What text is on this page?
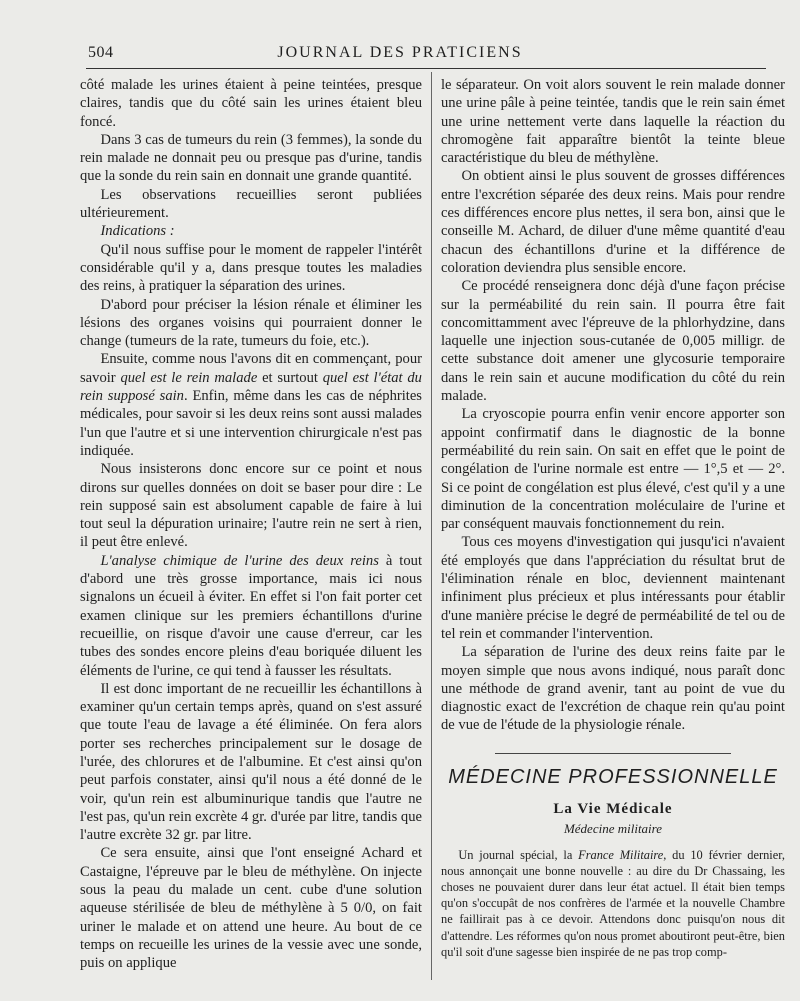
504	JOURNAL DES PRATICIENS

côté malade les urines étaient à peine teintées, presque claires, tandis que du côté sain les urines étaient bleu foncé.

Dans 3 cas de tumeurs du rein (3 femmes), la sonde du rein malade ne donnait peu ou presque pas d'urine, tandis que la sonde du rein sain en donnait une grande quantité.

Les observations recueillies seront publiées ultérieurement.

Indications :

Qu'il nous suffise pour le moment de rappeler l'intérêt considérable qu'il y a, dans presque toutes les maladies des reins, à pratiquer la séparation des urines.

D'abord pour préciser la lésion rénale et éliminer les lésions des organes voisins qui pourraient donner le change (tumeurs de la rate, tumeurs du foie, etc.).

Ensuite, comme nous l'avons dit en commençant, pour savoir quel est le rein malade et surtout quel est l'état du rein supposé sain. Enfin, même dans les cas de néphrites médicales, pour savoir si les deux reins sont aussi malades l'un que l'autre et si une intervention chirurgicale n'est pas indiquée.

Nous insisterons donc encore sur ce point et nous dirons sur quelles données on doit se baser pour dire : Le rein supposé sain est absolument capable de faire à lui tout seul la dépuration urinaire; l'autre rein ne sert à rien, il peut être enlevé.

L'analyse chimique de l'urine des deux reins à tout d'abord une très grosse importance, mais ici nous signalons un écueil à éviter. En effet si l'on fait porter cet examen clinique sur les premiers échantillons d'urine recueillie, on risque d'avoir une cause d'erreur, car les tubes des sondes encore pleins d'eau boriquée diluent les éléments de l'urine, ce qui tend à fausser les résultats.

Il est donc important de ne recueillir les échantillons à examiner qu'un certain temps après, quand on s'est assuré que toute l'eau de lavage a été éliminée. On fera alors porter ses recherches principalement sur le dosage de l'urée, des chlorures et de l'albumine. Et c'est ainsi qu'on peut parfois constater, ainsi qu'il nous a été donné de le voir, qu'un rein est albuminurique tandis que l'autre ne l'est pas, qu'un rein excrète 4 gr. d'urée par litre, tandis que l'autre excrète 32 gr. par litre.

Ce sera ensuite, ainsi que l'ont enseigné Achard et Castaigne, l'épreuve par le bleu de méthylène. On injecte sous la peau du malade un cent. cube d'une solution aqueuse stérilisée de bleu de méthylène à 5 0/0, on fait uriner le malade et on attend une heure. Au bout de ce temps on recueille les urines de la vessie avec une sonde, puis on applique

le séparateur. On voit alors souvent le rein malade donner une urine pâle à peine teintée, tandis que le rein sain émet une urine nettement verte dans laquelle la réaction du chromogène fait apparaître bientôt la teinte bleue caractéristique du bleu de méthylène.

On obtient ainsi le plus souvent de grosses différences entre l'excrétion séparée des deux reins. Mais pour rendre ces différences encore plus nettes, il sera bon, ainsi que le conseille M. Achard, de diluer d'une même quantité d'eau chacun des échantillons d'urine et la différence de coloration deviendra plus sensible encore.

Ce procédé renseignera donc déjà d'une façon précise sur la perméabilité du rein sain. Il pourra être fait concomittamment avec l'épreuve de la phlorhydzine, dans laquelle une injection sous-cutanée de 0,005 milligr. de cette substance doit amener une glycosurie temporaire dans le rein sain et aucune modification du côté du rein malade.

La cryoscopie pourra enfin venir encore apporter son appoint confirmatif dans le diagnostic de la bonne perméabilité du rein sain. On sait en effet que le point de congélation de l'urine normale est entre — 1°,5 et — 2°. Si ce point de congélation est plus élevé, c'est qu'il y a une diminution de la concentration moléculaire de l'urine et par conséquent mauvais fonctionnement du rein.

Tous ces moyens d'investigation qui jusqu'ici n'avaient été employés que dans l'appréciation du résultat brut de l'élimination rénale en bloc, deviennent maintenant infiniment plus précieux et plus intéressants pour établir d'une manière précise le degré de perméabilité de tel ou de tel rein et commander l'intervention.

La séparation de l'urine des deux reins faite par le moyen simple que nous avons indiqué, nous paraît donc une méthode de grand avenir, tant au point de vue du diagnostic exact de l'excrétion de chaque rein qu'au point de vue de l'étude de la physiologie rénale.

MÉDECINE PROFESSIONNELLE
La Vie Médicale
Médecine militaire

Un journal spécial, la France Militaire, du 10 février dernier, nous annonçait une bonne nouvelle : au dire du Dr Chassaing, les choses ne pouvaient durer dans leur état actuel. Il était bien temps qu'on s'occupât de nos confrères de l'armée et la nouvelle Chambre ne faillirait pas à ce devoir. Attendons donc puisqu'on nous dit d'attendre. Les réformes qu'on nous promet aboutiront peut-être, bien qu'il soit d'une sagesse bien inspirée de ne pas trop comp-
